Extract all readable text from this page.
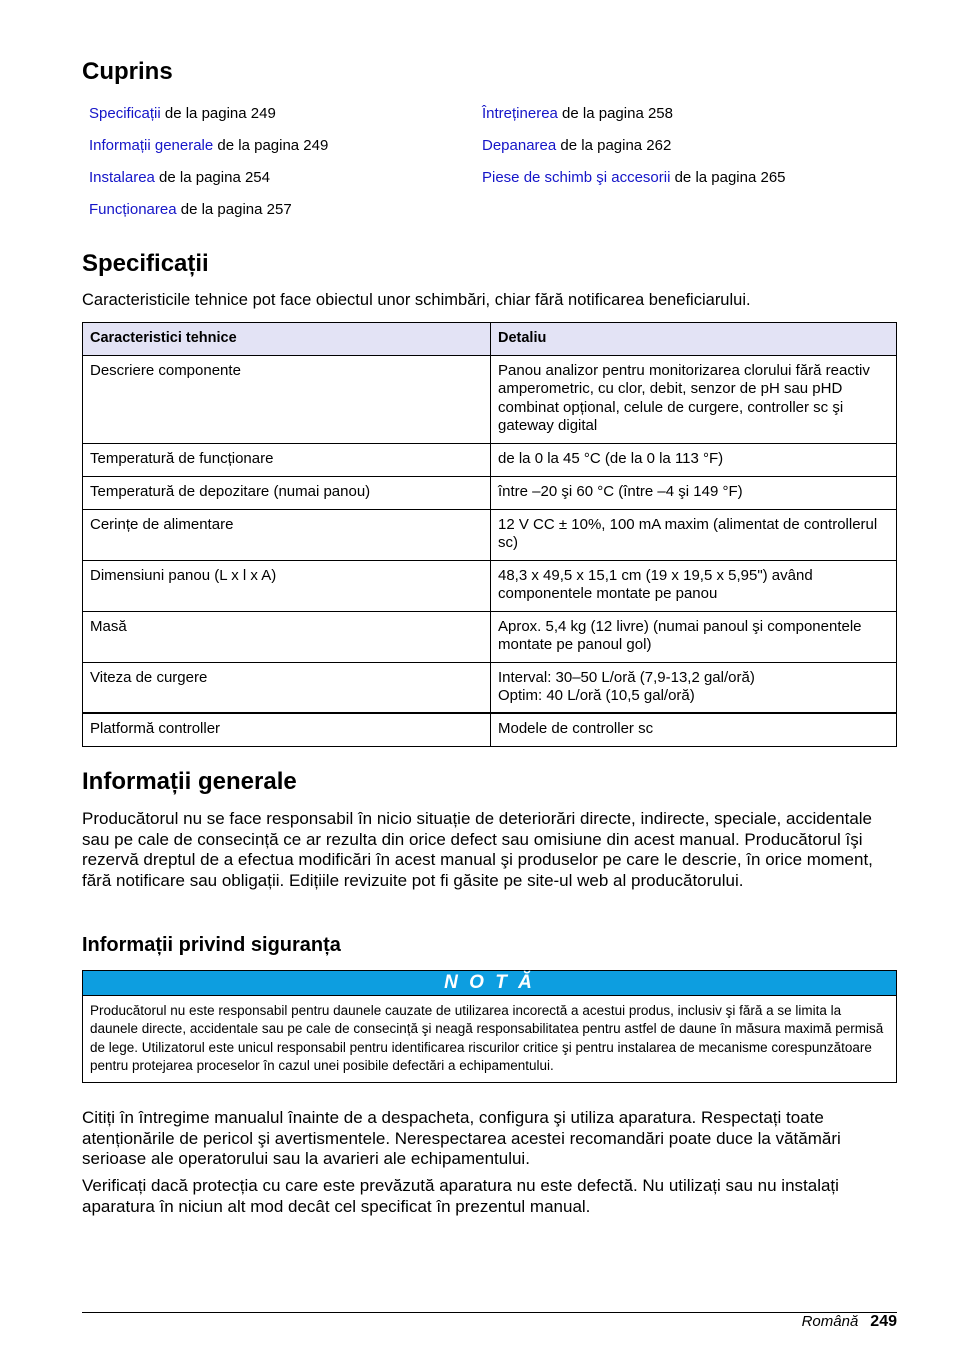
Cuprins
Specificații de la pagina 249
Informații generale de la pagina 249
Instalarea de la pagina 254
Funcționarea de la pagina 257
Întreținerea de la pagina 258
Depanarea de la pagina 262
Piese de schimb şi accesorii de la pagina 265
Specificații

Caracteristicile tehnice pot face obiectul unor schimbări, chiar fără notificarea beneficiarului.

Caracteristici tehnice	Detaliu
Descriere componente	Panou analizor pentru monitorizarea clorului fără reactiv amperometric, cu clor, debit, senzor de pH sau pHD combinat opțional, celule de curgere, controller sc şi gateway digital
Temperatură de funcționare	de la 0 la 45 °C (de la 0 la 113 °F)
Temperatură de depozitare (numai panou)	între –20 şi 60 °C (între –4 şi 149 °F)
Cerințe de alimentare	12 V CC ± 10%, 100 mA maxim (alimentat de controllerul sc)
Dimensiuni panou (L x l x A)	48,3 x 49,5 x 15,1 cm (19 x 19,5 x 5,95") având componentele montate pe panou
Masă	Aprox. 5,4 kg (12 livre) (numai panoul şi componentele montate pe panoul gol)
Viteza de curgere	Interval: 30–50 L/oră (7,9-13,2 gal/oră)
Optim: 40 L/oră (10,5 gal/oră)

Platformă controller	Modele de controller sc
Informații generale

Producătorul nu se face responsabil în nicio situație de deteriorări directe, indirecte, speciale, accidentale sau pe cale de consecință ce ar rezulta din orice defect sau omisiune din acest manual. Producătorul îşi rezervă dreptul de a efectua modificări în acest manual şi produselor pe care le descrie, în orice moment, fără notificare sau obligații. Edițiile revizuite pot fi găsite pe site-ul web al producătorului.

Informații privind siguranța
N O T Ă
Producătorul nu este responsabil pentru daunele cauzate de utilizarea incorectă a acestui produs, inclusiv şi fără a se limita la daunele directe, accidentale sau pe cale de consecință şi neagă responsabilitatea pentru astfel de daune în măsura maximă permisă de lege. Utilizatorul este unicul responsabil pentru identificarea riscurilor critice şi pentru instalarea de mecanisme corespunzătoare pentru protejarea proceselor în cazul unei posibile defectări a echipamentului.

Citiți în întregime manualul înainte de a despacheta, configura şi utiliza aparatura. Respectați toate atenționările de pericol şi avertismentele. Nerespectarea acestei recomandări poate duce la vătămări serioase ale operatorului sau la avarieri ale echipamentului.

Verificați dacă protecția cu care este prevăzută aparatura nu este defectă. Nu utilizați sau nu instalați aparatura în niciun alt mod decât cel specificat în prezentul manual.

Română 249
